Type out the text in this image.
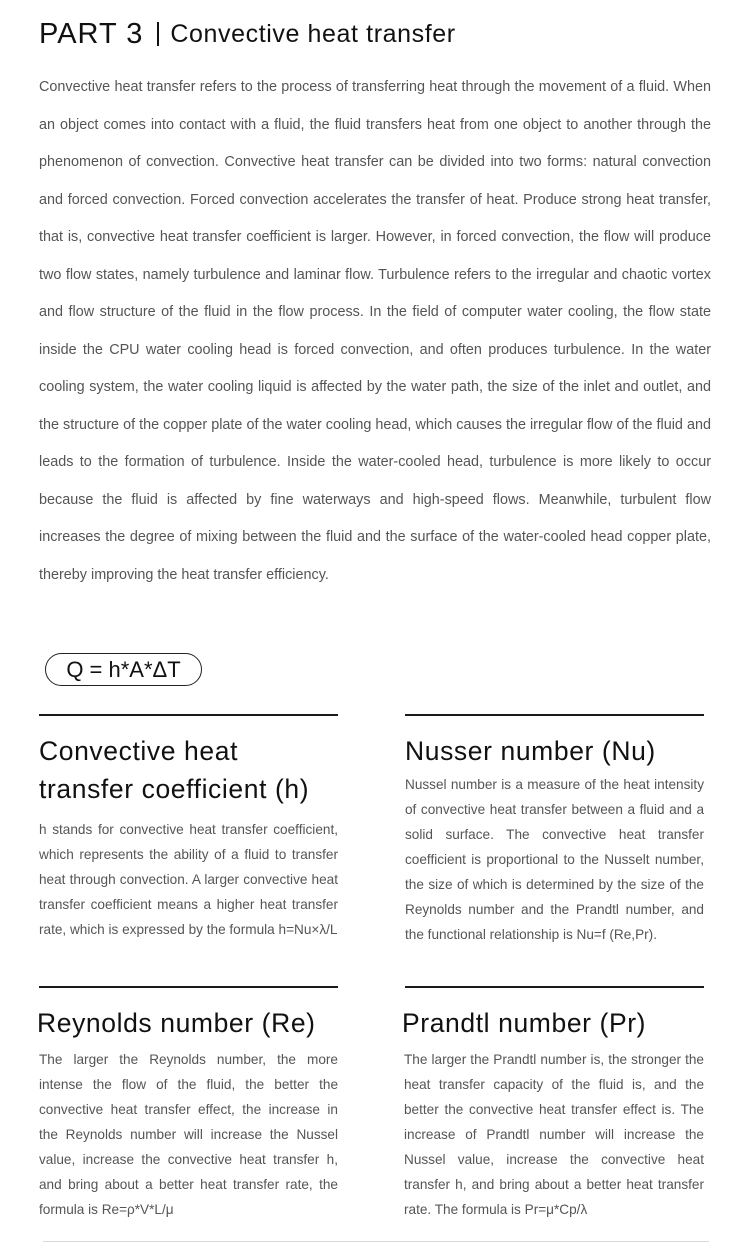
PART 3 Convective heat transfer

Convective heat transfer refers to the process of transferring heat through the movement of a fluid. When an object comes into contact with a fluid, the fluid transfers heat from one object to another through the phenomenon of convection. Convective heat transfer can be divided into two forms: natural convection and forced convection. Forced convection accelerates the transfer of heat. Produce strong heat transfer, that is, convective heat transfer coefficient is larger. However, in forced convection, the flow will produce two flow states, namely turbulence and laminar flow. Turbulence refers to the irregular and chaotic vortex and flow structure of the fluid in the flow process. In the field of computer water cooling, the flow state inside the CPU water cooling head is forced convection, and often produces turbulence. In the water cooling system, the water cooling liquid is affected by the water path, the size of the inlet and outlet, and the structure of the copper plate of the water cooling head, which causes the irregular flow of the fluid and leads to the formation of turbulence. Inside the water-cooled head, turbulence is more likely to occur because the fluid is affected by fine waterways and high-speed flows. Meanwhile, turbulent flow increases the degree of mixing between the fluid and the surface of the water-cooled head copper plate, thereby improving the heat transfer efficiency.

Q = h*A*ΔT
Convective heat transfer coefficient (h)

h stands for convective heat transfer coefficient, which represents the ability of a fluid to transfer heat through convection. A larger convective heat transfer coefficient means a higher heat transfer rate, which is expressed by the formula h=Nu×λ/L

Nusser number (Nu)

Nussel number is a measure of the heat intensity of convective heat transfer between a fluid and a solid surface. The convective heat transfer coefficient is proportional to the Nusselt number, the size of which is determined by the size of the Reynolds number and the Prandtl number, and the functional relationship is Nu=f (Re,Pr).

Reynolds number (Re)

The larger the Reynolds number, the more intense the flow of the fluid, the better the convective heat transfer effect, the increase in the Reynolds number will increase the Nussel value, increase the convective heat transfer h, and bring about a better heat transfer rate, the formula is Re=ρ*V*L/μ

Prandtl number (Pr)

The larger the Prandtl number is, the stronger the heat transfer capacity of the fluid is, and the better the convective heat transfer effect is. The increase of Prandtl number will increase the Nussel value, increase the convective heat transfer h, and bring about a better heat transfer rate. The formula is Pr=μ*Cp/λ
